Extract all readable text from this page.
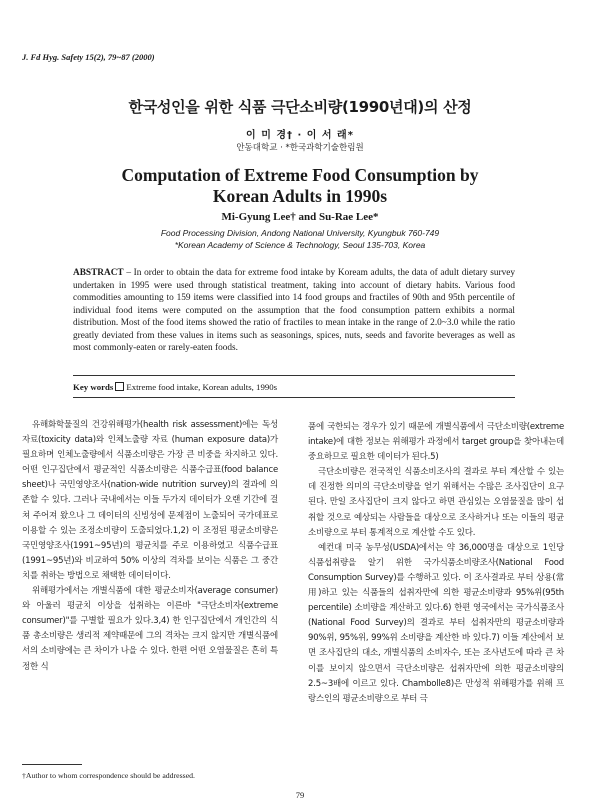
J. Fd Hyg. Safety 15(2), 79~87 (2000)
한국성인을 위한 식품 극단소비량(1990년대)의 산정
이 미 경† · 이 서 래*
안동대학교 · *한국과학기술한림원
Computation of Extreme Food Consumption by
Korean Adults in 1990s
Mi-Gyung Lee† and Su-Rae Lee*
Food Processing Division, Andong National University, Kyungbuk 760-749
*Korean Academy of Science & Technology, Seoul 135-703, Korea
ABSTRACT – In order to obtain the data for extreme food intake by Koream adults, the data of adult dietary survey undertaken in 1995 were used through statistical treatment, taking into account of dietary habits. Various food commodities amounting to 159 items were classified into 14 food groups and fractiles of 90th and 95th percentile of individual food items were computed on the assumption that the food consumption pattern exhibits a normal distribution. Most of the food items showed the ratio of fractiles to mean intake in the range of 2.0~3.0 while the ratio greatly deviated from these values in items such as seasonings, spices, nuts, seeds and favorite beverages as well as most commonly-eaten or rarely-eaten foods.
Key words Extreme food intake, Korean adults, 1990s

유해화학물질의 건강위해평가(health risk assessment)에는 독성자료(toxicity data)와 인체노출량 자료 (human exposure data)가 필요하며 인체노출량에서 식품소비량은 가장 큰 비중을 차지하고 있다. 어떤 인구집단에서 평균적인 식품소비량은 식품수급표(food balance sheet)나 국민영양조사(nation-wide nutrition survey)의 결과에 의존할 수 있다. 그러나 국내에서는 이들 두가지 데이터가 오랜 기간에 걸쳐 주어져 왔으나 그 데이터의 신빙성에 문제점이 노출되어 국가데표로 이용할 수 있는 조정소비량이 도출되었다.1,2) 이 조정된 평균소비량은 국민영양조사(1991~95년)의 평균치를 주로 이용하였고 식품수급표(1991~95년)와 비교하여 50% 이상의 격차를 보이는 식품은 그 중간치를 취하는 방법으로 채택한 데이터이다.

위해평가에서는 개별식품에 대한 평균소비자(average consumer)와 아울러 평균치 이상을 섭취하는 이른바 "극단소비자(extreme consumer)"를 구별할 필요가 있다.3,4) 한 인구집단에서 개인간의 식품 총소비량은 생리적 제약때문에 그의 격차는 크지 않지만 개별식품에서의 소비량에는 큰 차이가 나을 수 있다. 한편 어떤 오염물질은 흔히 특정한 식

품에 국한되는 경우가 있기 때문에 개별식품에서 극단소비량(extreme intake)에 대한 정보는 위해평가 과정에서 target group을 찾아내는데 중요하므로 필요한 데이터가 된다.5)

극단소비량은 전국적인 식품소비조사의 결과로 부터 계산할 수 있는데 진정한 의미의 극단소비량을 얻기 위해서는 수많은 조사집단이 요구된다. 만일 조사집단이 크지 않다고 하면 관심있는 오염물질을 많이 섭취할 것으로 예상되는 사람들을 대상으로 조사하거나 또는 이들의 평균소비량으로 부터 통계적으로 계산할 수도 있다.

예컨대 미국 농무성(USDA)에서는 약 36,000명을 대상으로 1인당 식품섭취량을 알기 위한 국가식품소비량조사(National Food Consumption Survey)를 수행하고 있다. 이 조사결과로 부터 상용(常用)하고 있는 식품들의 섭취자만에 의한 평균소비량과 95%위(95th percentile) 소비량을 계산하고 있다.6) 한편 영국에서는 국가식품조사(National Food Survey)의 결과로 부터 섭취자만의 평균소비량과 90%위, 95%위, 99%위 소비량을 계산한 바 있다.7) 이들 계산에서 보면 조사집단의 대소, 개별식품의 소비자수, 또는 조사년도에 따라 큰 차이를 보이지 않으면서 극단소비량은 섭취자만에 의한 평균소비량의 2.5~3배에 이르고 있다. Chambolle8)은 만성적 위해평가를 위해 프랑스인의 평균소비량으로 부터 극

†Author to whom correspondence should be addressed.
79
